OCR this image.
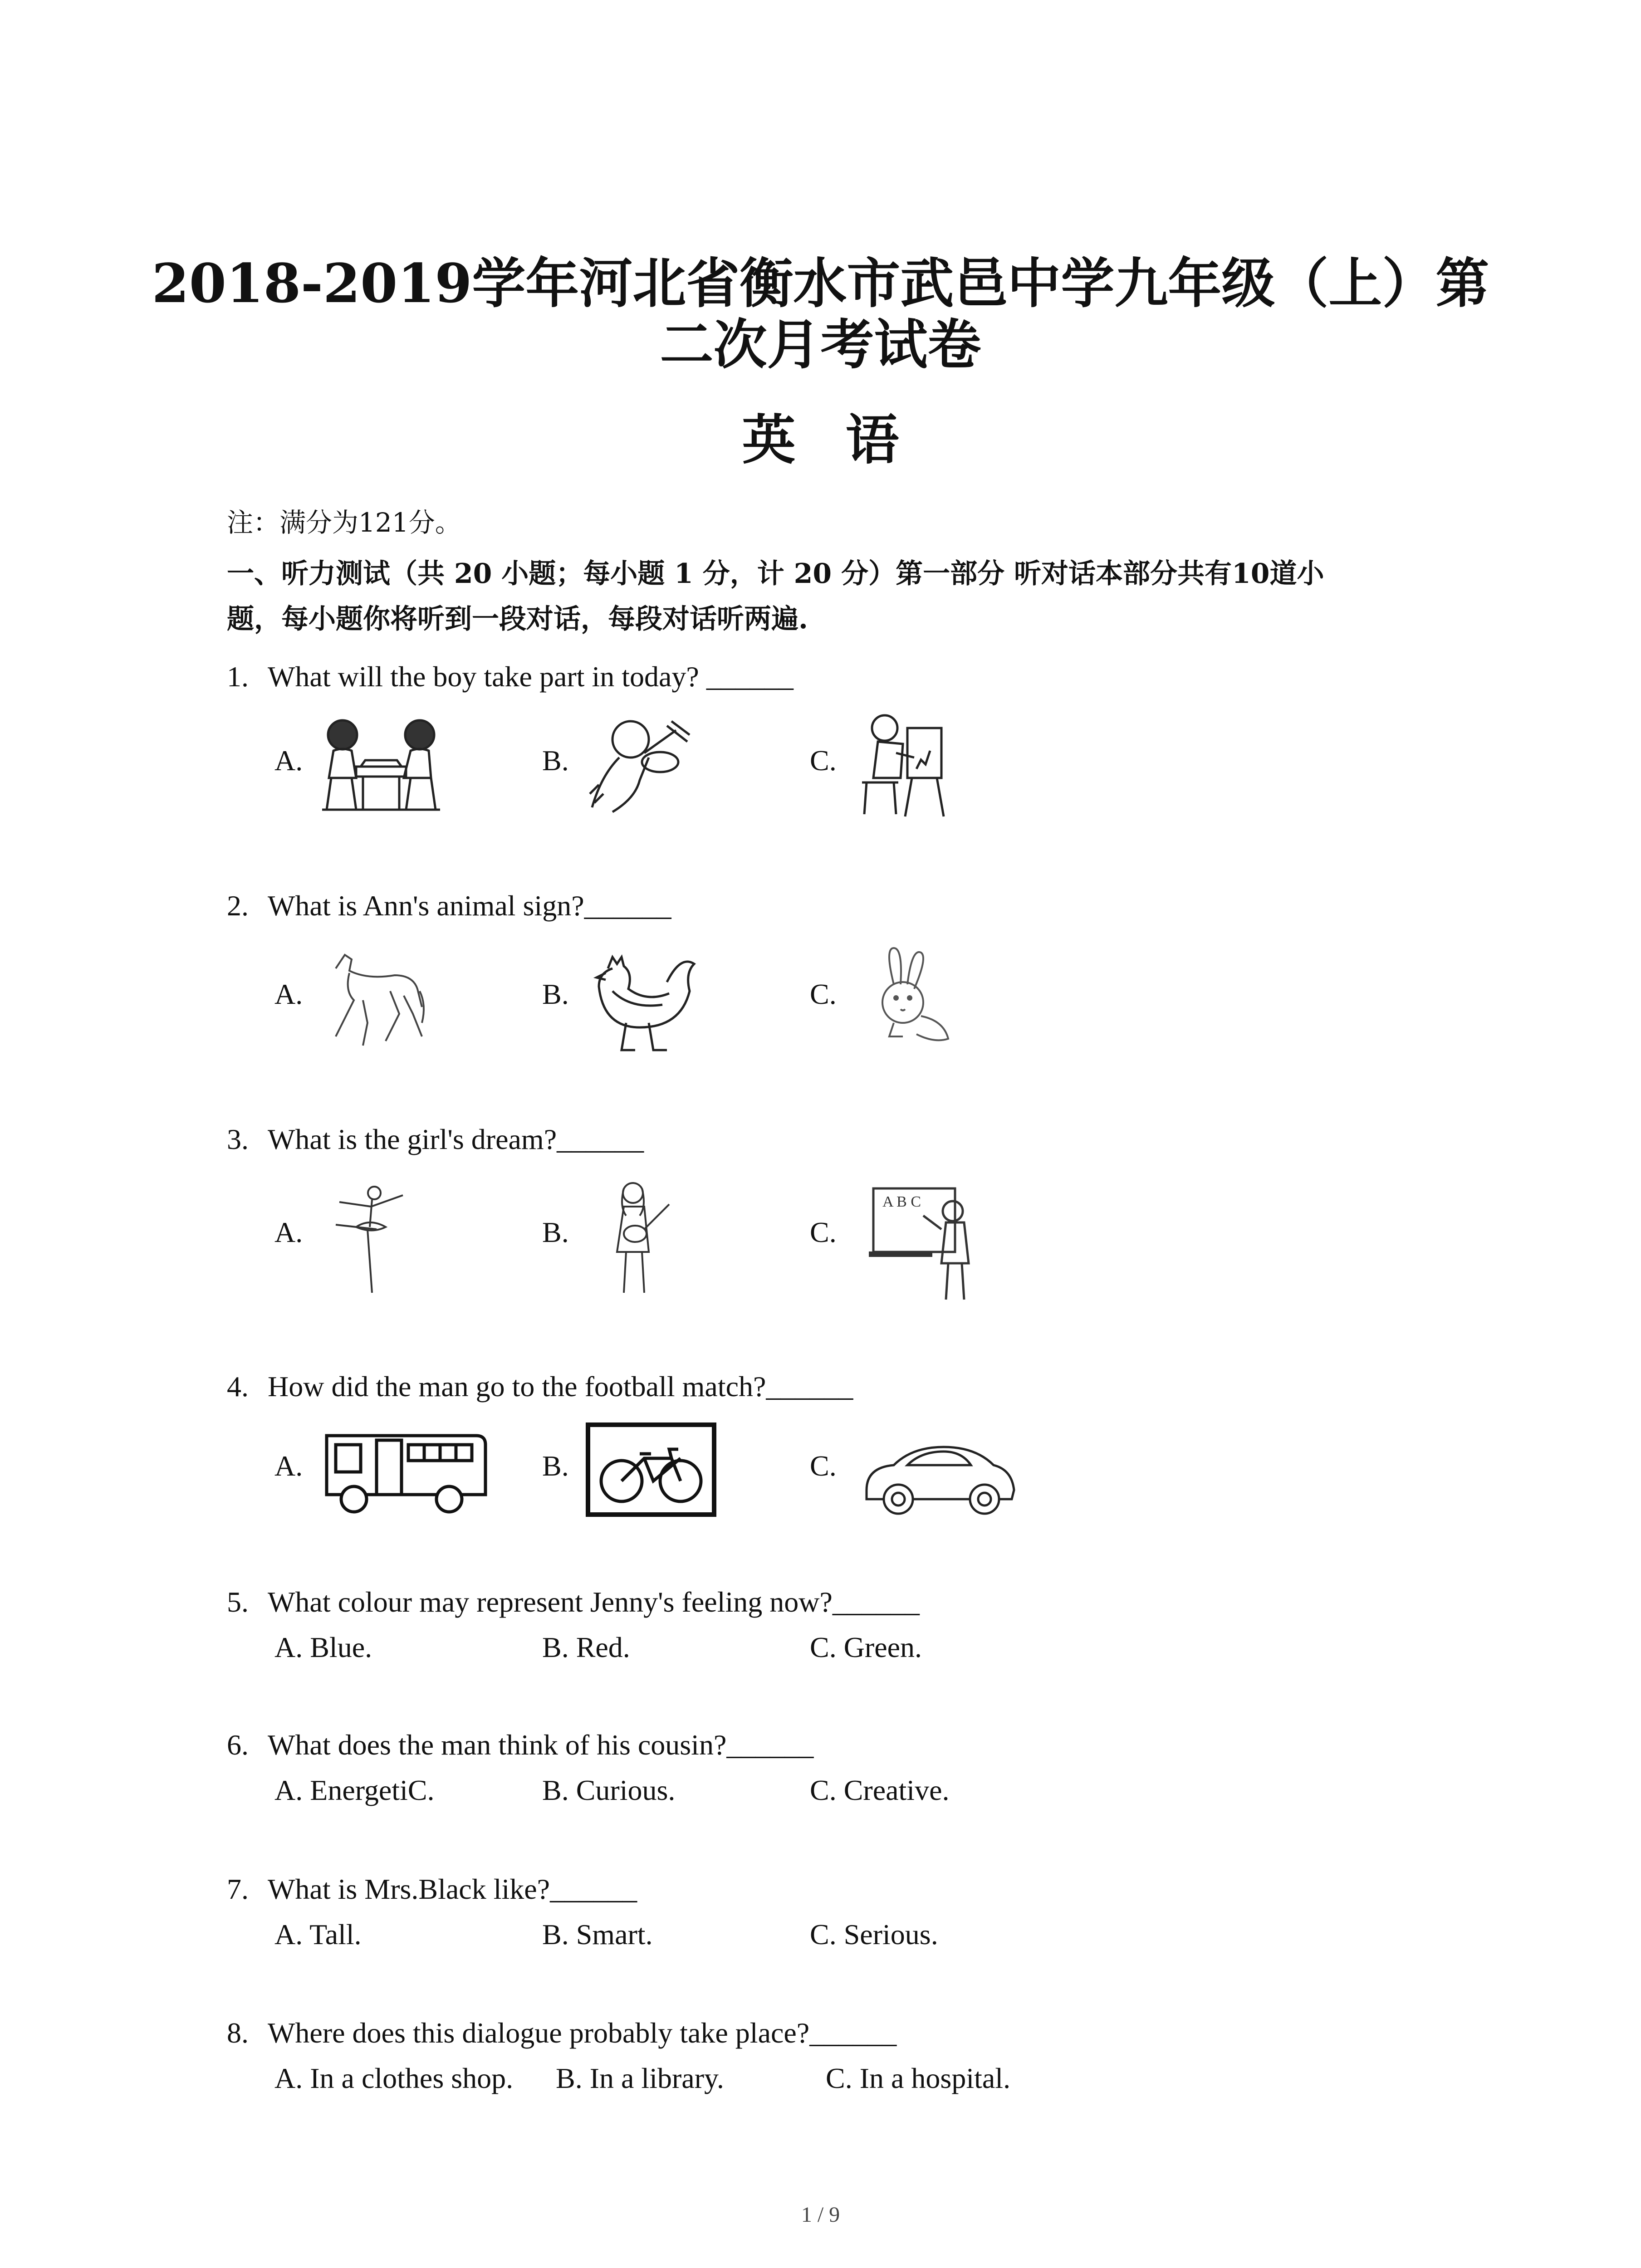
2018-2019学年河北省衡水市武邑中学九年级（上）第
二次月考试卷
英语
注：满分为121分。
一、听力测试（共 20 小题；每小题 1 分，计 20 分）第一部分 听对话本部分共有10道小
题，每小题你将听到一段对话，每段对话听两遍.
1. What will the boy take part in today? ______
A.	B.	C.
2. What is Ann's animal sign?______
A.	B.	C.
3. What is the girl's dream?______
A.	B.	C.
A B C
4. How did the man go to the football match?______
A.	B.	C.
5. What colour may represent Jenny's feeling now?______
A. Blue.	B. Red.	C. Green.
6. What does the man think of his cousin?______
A. EnergetiC.	B. Curious.	C. Creative.
7. What is Mrs.Black like?______
A. Tall.	B. Smart.	C. Serious.
8. Where does this dialogue probably take place?______
A. In a clothes shop. B. In a library.	C. In a hospital.
1 / 9
